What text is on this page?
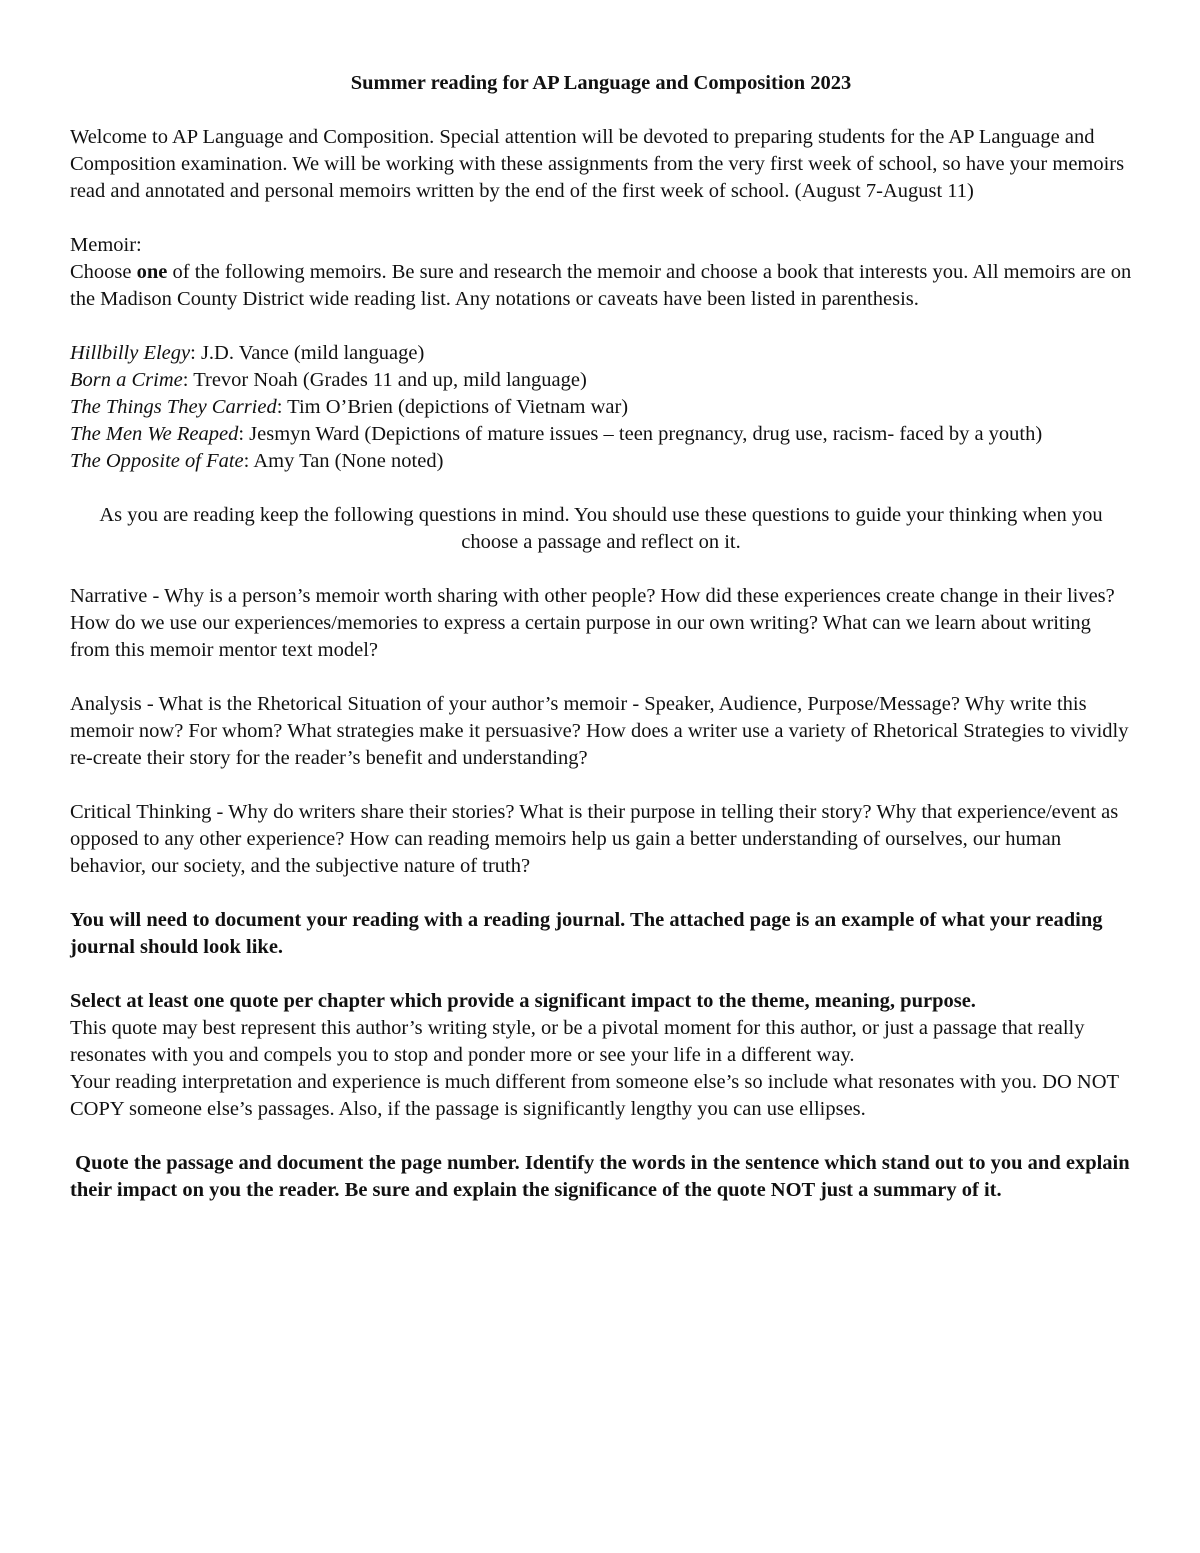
Summer reading for AP Language and Composition 2023

Welcome to AP Language and Composition. Special attention will be devoted to preparing students for the AP Language and Composition examination. We will be working with these assignments from the very first week of school, so have your memoirs read and annotated and personal memoirs written by the end of the first week of school. (August 7-August 11)

Memoir:

Choose one of the following memoirs. Be sure and research the memoir and choose a book that interests you. All memoirs are on the Madison County District wide reading list. Any notations or caveats have been listed in parenthesis.

Hillbilly Elegy: J.D. Vance (mild language)
Born a Crime: Trevor Noah (Grades 11 and up, mild language)
The Things They Carried: Tim O’Brien (depictions of Vietnam war)
The Men We Reaped: Jesmyn Ward (Depictions of mature issues – teen pregnancy, drug use, racism- faced by a youth)
The Opposite of Fate: Amy Tan (None noted)

As you are reading keep the following questions in mind. You should use these questions to guide your thinking when you choose a passage and reflect on it.

Narrative - Why is a person’s memoir worth sharing with other people? How did these experiences create change in their lives? How do we use our experiences/memories to express a certain purpose in our own writing? What can we learn about writing from this memoir mentor text model?

Analysis - What is the Rhetorical Situation of your author’s memoir - Speaker, Audience, Purpose/Message? Why write this memoir now? For whom? What strategies make it persuasive? How does a writer use a variety of Rhetorical Strategies to vividly re-create their story for the reader’s benefit and understanding?

Critical Thinking - Why do writers share their stories? What is their purpose in telling their story? Why that experience/event as opposed to any other experience? How can reading memoirs help us gain a better understanding of ourselves, our human behavior, our society, and the subjective nature of truth?

You will need to document your reading with a reading journal. The attached page is an example of what your reading journal should look like.

Select at least one quote per chapter which provide a significant impact to the theme, meaning, purpose.

This quote may best represent this author’s writing style, or be a pivotal moment for this author, or just a passage that really resonates with you and compels you to stop and ponder more or see your life in a different way.

Your reading interpretation and experience is much different from someone else’s so include what resonates with you. DO NOT COPY someone else’s passages. Also, if the passage is significantly lengthy you can use ellipses.

Quote the passage and document the page number. Identify the words in the sentence which stand out to you and explain their impact on you the reader. Be sure and explain the significance of the quote NOT just a summary of it.
